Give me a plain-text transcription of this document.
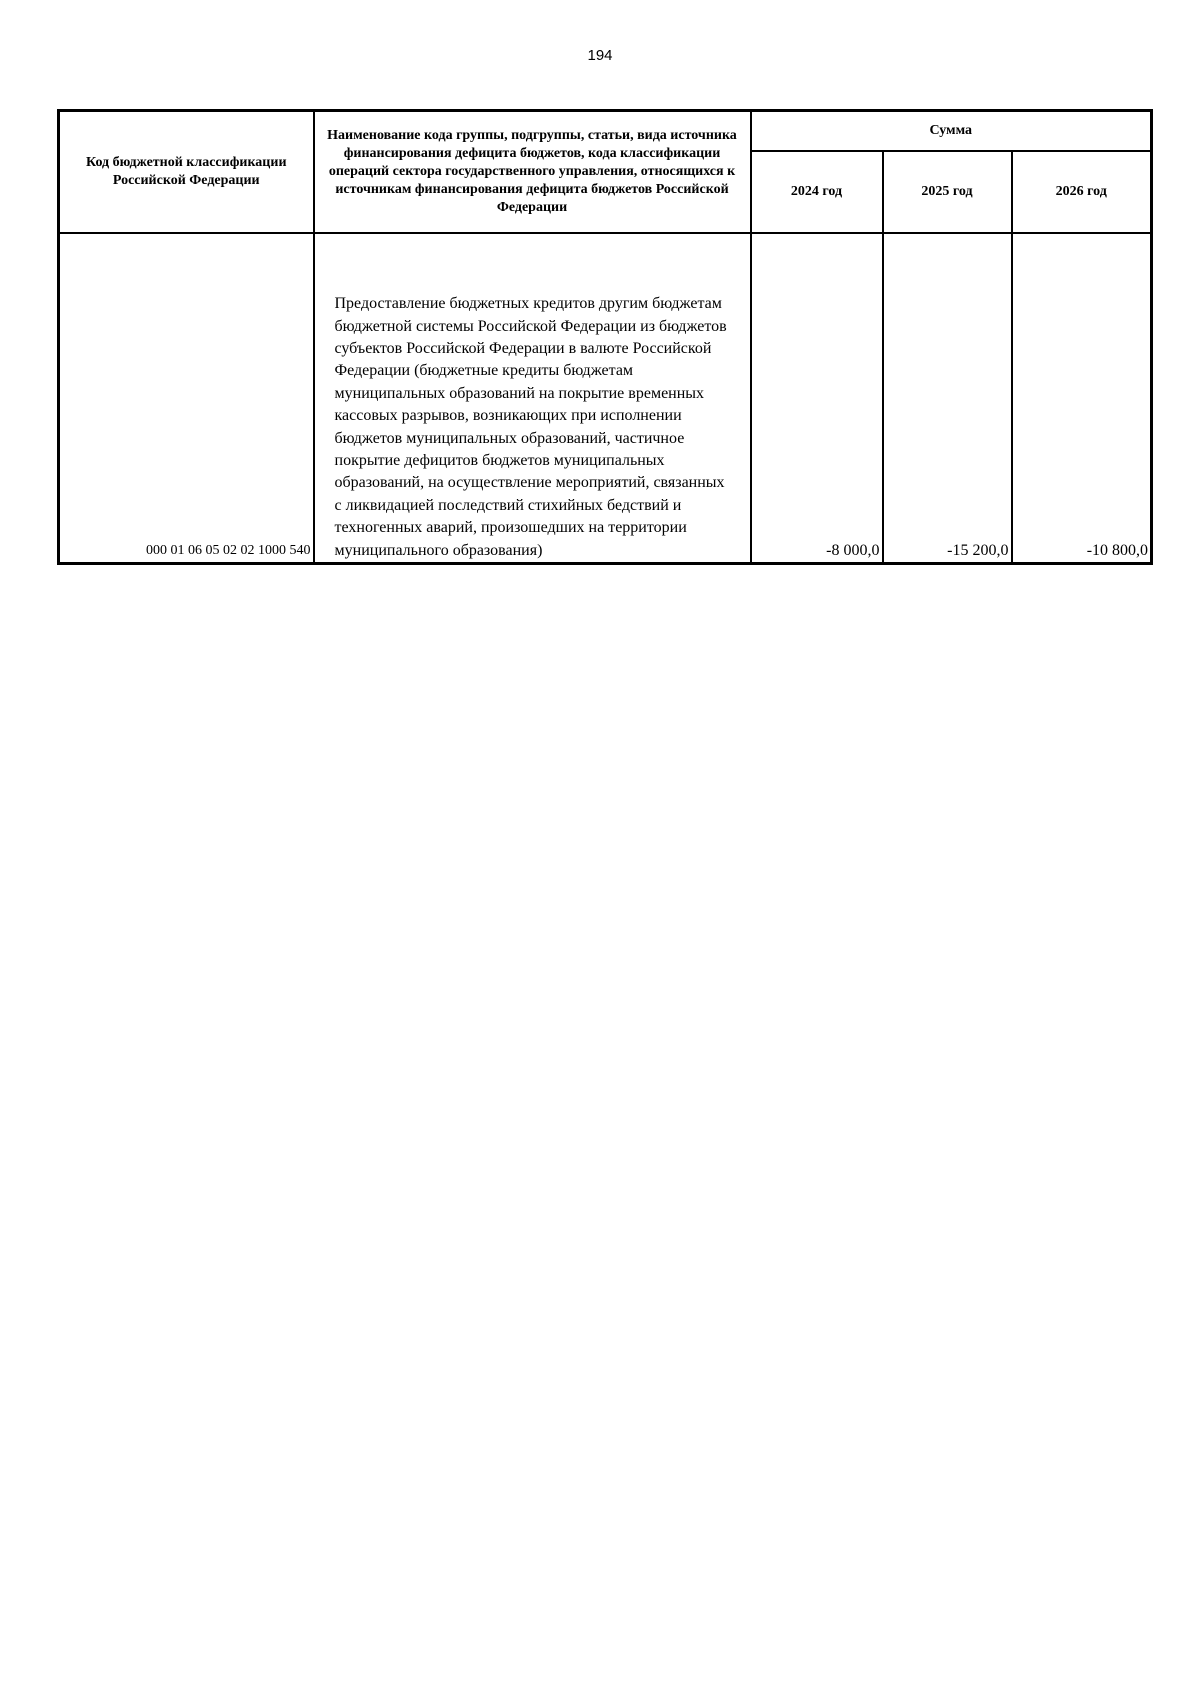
194
Код бюджетной классификации Российской Федерации	Наименование кода группы, подгруппы, статьи, вида источника финансирования дефицита бюджетов, кода классификации операций сектора государственного управления, относящихся к источникам финансирования дефицита бюджетов Российской Федерации	Сумма		
		2024 год	2025 год	2026 год
000 01 06 05 02 02 1000 540	Предоставление бюджетных кредитов другим бюджетам бюджетной системы Российской Федерации из бюджетов субъектов Российской Федерации в валюте Российской Федерации (бюджетные кредиты бюджетам муниципальных образований на покрытие временных кассовых разрывов, возникающих при исполнении бюджетов муниципальных образований, частичное покрытие дефицитов бюджетов муниципальных образований, на осуществление мероприятий, связанных с ликвидацией последствий стихийных бедствий и техногенных аварий, произошедших на территории муниципального образования)	-8 000,0	-15 200,0	-10 800,0
